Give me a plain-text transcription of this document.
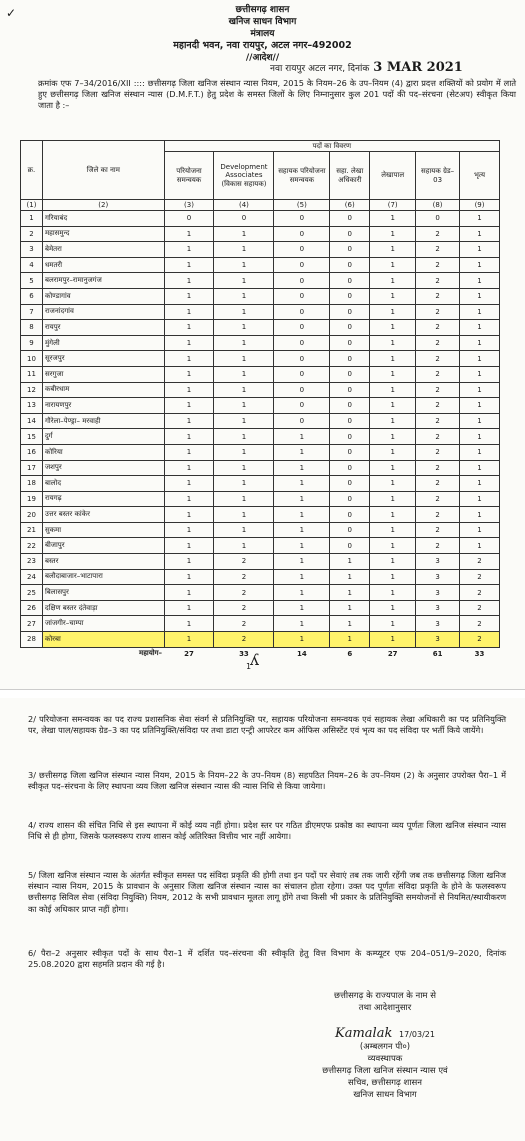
✓	छत्तीसगढ़ शासन
खनिज साधन विभाग
मंत्रालय
महानदी भवन, नवा रायपुर, अटल नगर–492002
//आदेश//
नवा रायपुर अटल नगर, दिनांक 3 MAR 2021
क्रमांक एफ 7–34/2016/XII :::: छत्तीसगढ़ जिला खनिज संस्थान न्यास नियम, 2015 के नियम–26 के उप–नियम (4) द्वारा प्रदत्त शक्तियों को प्रयोग में लाते हुए छत्तीसगढ़ जिला खनिज संस्थान न्यास (D.M.F.T.) हेतु प्रदेश के समस्त जिलों के लिए निम्नानुसार कुल 201 पदों की पद–संरचना (सेटअप) स्वीकृत किया जाता है :–
क्र.	जिले का नाम	पदों का विवरण						
		परियोजना समन्वयक	Development Associates (विकास सहायक)	सहायक परियोजना समन्वयक	सहा. लेखा अधिकारी	लेखापाल	सहायक ग्रेड–03	भृत्य
(1)	(2)	(3)	(4)	(5)	(6)	(7)	(8)	(9)
1	गरियाबंद	0	0	0	0	1	0	1
2	महासमुन्द	1	1	0	0	1	2	1
3	बेमेतरा	1	1	0	0	1	2	1
4	धमतरी	1	1	0	0	1	2	1
5	बलरामपुर–रामानुजगंज	1	1	0	0	1	2	1
6	कोण्डागांव	1	1	0	0	1	2	1
7	राजनांदगांव	1	1	0	0	1	2	1
8	रायपुर	1	1	0	0	1	2	1
9	मुंगेली	1	1	0	0	1	2	1
10	सूरजपुर	1	1	0	0	1	2	1
11	सरगुजा	1	1	0	0	1	2	1
12	कबीरधाम	1	1	0	0	1	2	1
13	नारायणपुर	1	1	0	0	1	2	1
14	गौरेला–पेण्ड्रा– मरवाही	1	1	0	0	1	2	1
15	दुर्ग	1	1	1	0	1	2	1
16	कोरिया	1	1	1	0	1	2	1
17	जशपुर	1	1	1	0	1	2	1
18	बालोद	1	1	1	0	1	2	1
19	रायगढ़	1	1	1	0	1	2	1
20	उत्तर बस्तर कांकेर	1	1	1	0	1	2	1
21	सुकमा	1	1	1	0	1	2	1
22	बीजापुर	1	1	1	0	1	2	1
23	बस्तर	1	2	1	1	1	3	2
24	बलौदाबाजार–भाटापारा	1	2	1	1	1	3	2
25	बिलासपुर	1	2	1	1	1	3	2
26	दक्षिण बस्तर दंतेवाड़ा	1	2	1	1	1	3	2
27	जांजगीर–चाम्पा	1	2	1	1	1	3	2
28	कोरबा	1	2	1	1	1	3	2
	महायोग–	27	33	14	6	27	61	33
ʎ
1
2/ परियोजना समन्वयक का पद राज्य प्रशासनिक सेवा संवर्ग से प्रतिनियुक्ति पर, सहायक परियोजना समन्वयक एवं सहायक लेखा अधिकारी का पद प्रतिनियुक्ति पर, लेखा पाल/सहायक ग्रेड–3 का पद प्रतिनियुक्ति/संविदा पर तथा डाटा एन्ट्री आपरेटर कम ऑफिस असिस्टेंट एवं भृत्य का पद संविदा पर भर्ती किये जायेंगे।
3/ छत्तीसगढ़ जिला खनिज संस्थान न्यास नियम, 2015 के नियम–22 के उप–नियम (8) सहपठित नियम–26 के उप–नियम (2) के अनुसार उपरोक्त पैरा–1 में स्वीकृत पद–संरचना के लिए स्थापना व्यय जिला खनिज संस्थान न्यास की न्यास निधि से किया जायेगा।
4/ राज्य शासन की संचित निधि से इस स्थापना में कोई व्यय नहीं होगा। प्रदेश स्तर पर गठित डीएमएफ प्रकोष्ठ का स्थापना व्यय पूर्णतः जिला खनिज संस्थान न्यास निधि से ही होगा, जिसके फलस्वरूप राज्य शासन कोई अतिरिक्त वित्तीय भार नहीं आयेगा।
5/ जिला खनिज संस्थान न्यास के अंतर्गत स्वीकृत समस्त पद संविदा प्रकृति की होगी तथा इन पदों पर सेवाएं तब तक जारी रहेंगी जब तक छत्तीसगढ़ जिला खनिज संस्थान न्यास नियम, 2015 के प्रावधान के अनुसार जिला खनिज संस्थान न्यास का संचालन होता रहेगा। उक्त पद पूर्णतः संविदा प्रकृति के होने के फलस्वरूप छत्तीसगढ़ सिविल सेवा (संविदा नियुक्ति) नियम, 2012 के सभी प्रावधान मूलतः लागू होंगे तथा किसी भी प्रकार के प्रतिनियुक्ति समयोजनों से नियमित/स्थायीकरण का कोई अधिकार प्राप्त नहीं होगा।
6/ पैरा–2 अनुसार स्वीकृत पदों के साथ पैरा–1 में दर्शित पद–संरचना की स्वीकृति हेतु वित्त विभाग के कम्प्यूटर एफ 204–051/9–2020, दिनांक 25.08.2020 द्वारा सहमति प्रदान की गई है।
छत्तीसगढ़ के राज्यपाल के नाम से
तथा आदेशानुसार
Kamalak 17/03/21
(अम्बलगन पी०)
व्यवस्थापक
छत्तीसगढ़ जिला खनिज संस्थान न्यास एवं
सचिव, छत्तीसगढ़ शासन
खनिज साधन विभाग
